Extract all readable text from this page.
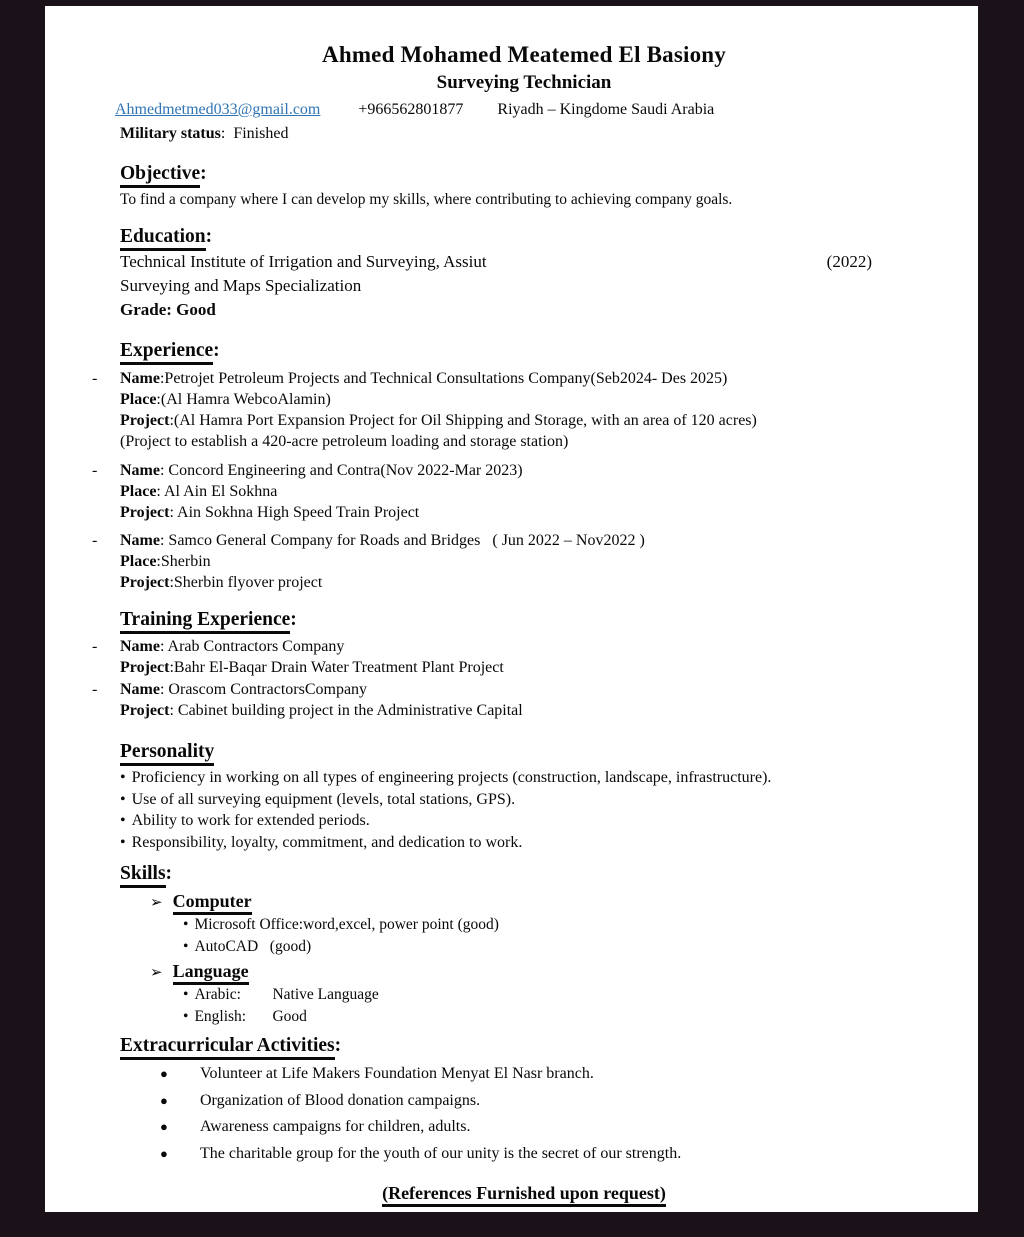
Ahmed Mohamed Meatemed El Basiony
Surveying Technician
Ahmedmetmed033@gmail.com +966562801877 Riyadh – Kingdome Saudi Arabia
Military status:  Finished
Objective:
To find a company where I can develop my skills, where contributing to achieving company goals.
Education:
Technical Institute of Irrigation and Surveying, Assiut	(2022)
Surveying and Maps Specialization
Grade: Good
Experience:
- Name:Petrojet Petroleum Projects and Technical Consultations Company(Seb2024- Des 2025)
Place:(Al Hamra WebcoAlamin)
Project:(Al Hamra Port Expansion Project for Oil Shipping and Storage, with an area of 120 acres)
(Project to establish a 420-acre petroleum loading and storage station)
- Name: Concord Engineering and Contra(Nov 2022-Mar 2023)
Place: Al Ain El Sokhna
Project: Ain Sokhna High Speed Train Project
- Name: Samco General Company for Roads and Bridges   ( Jun 2022 – Nov2022 )
Place:Sherbin
Project:Sherbin flyover project
Training Experience:
- Name: Arab Contractors Company
Project:Bahr El-Baqar Drain Water Treatment Plant Project
- Name: Orascom ContractorsCompany
Project: Cabinet building project in the Administrative Capital
Personality
• Proficiency in working on all types of engineering projects (construction, landscape, infrastructure).
• Use of all surveying equipment (levels, total stations, GPS).
• Ability to work for extended periods.
• Responsibility, loyalty, commitment, and dedication to work.
Skills:
➢ Computer
• Microsoft Office:word,excel, power point (good)
• AutoCAD   (good)
➢ Language
• Arabic: Native Language
• English: Good
Extracurricular Activities:
● Volunteer at Life Makers Foundation Menyat El Nasr branch.
● Organization of Blood donation campaigns.
● Awareness campaigns for children, adults.
● The charitable group for the youth of our unity is the secret of our strength.
(References Furnished upon request)
